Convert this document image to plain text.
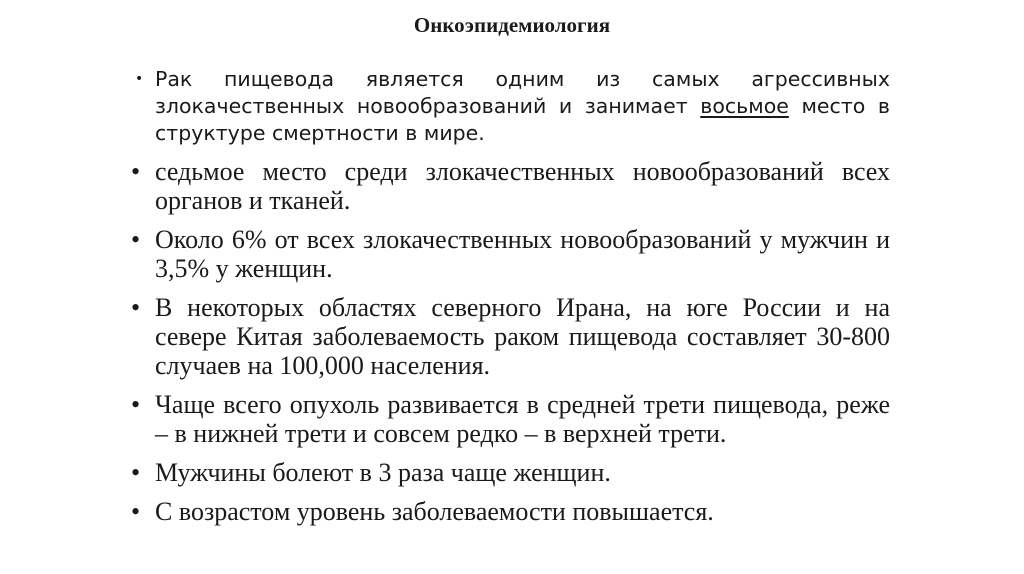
Онкоэпидемиология
• Рак пищевода является одним из самых агрессивных злокачественных новообразований и занимает восьмое место в структуре смертности в мире.
• седьмое место среди злокачественных новообразований всех органов и тканей.
• Около 6% от всех злокачественных новообразований у мужчин и 3,5% у женщин.
• В некоторых областях северного Ирана, на юге России и на севере Китая заболеваемость раком пищевода составляет 30-800 случаев на 100,000 населения.
• Чаще всего опухоль развивается в средней трети пищевода, реже – в нижней трети и совсем редко – в верхней трети.
• Мужчины болеют в 3 раза чаще женщин.
• С возрастом уровень заболеваемости повышается.
